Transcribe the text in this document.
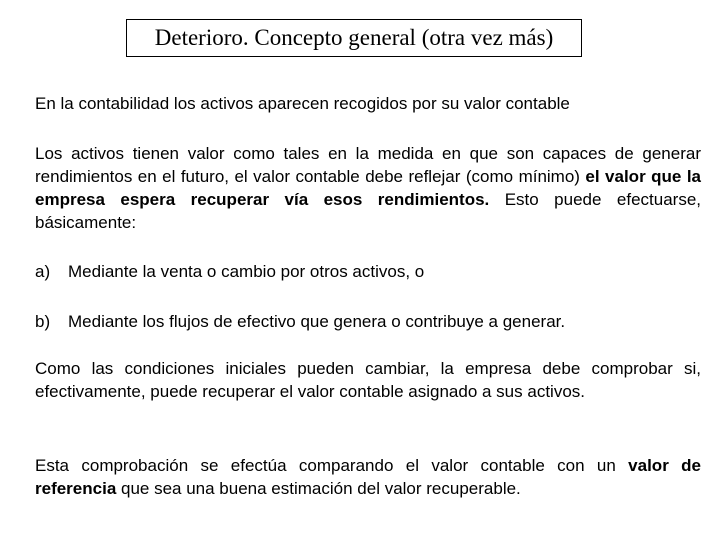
Deterioro. Concepto general (otra vez más)

En la contabilidad los activos aparecen recogidos por su valor contable

Los activos tienen valor como tales en la medida en que son capaces de generar rendimientos en el futuro, el valor contable debe reflejar (como mínimo) el valor que la empresa espera recuperar vía esos rendimientos. Esto puede efectuarse, básicamente:

a) Mediante la venta o cambio por otros activos, o
b) Mediante los flujos de efectivo que genera o contribuye a generar.

Como las condiciones iniciales pueden cambiar, la empresa debe comprobar si, efectivamente, puede recuperar el valor contable asignado a sus activos.

Esta comprobación se efectúa comparando el valor contable con un valor de referencia que sea una buena estimación del valor recuperable.
